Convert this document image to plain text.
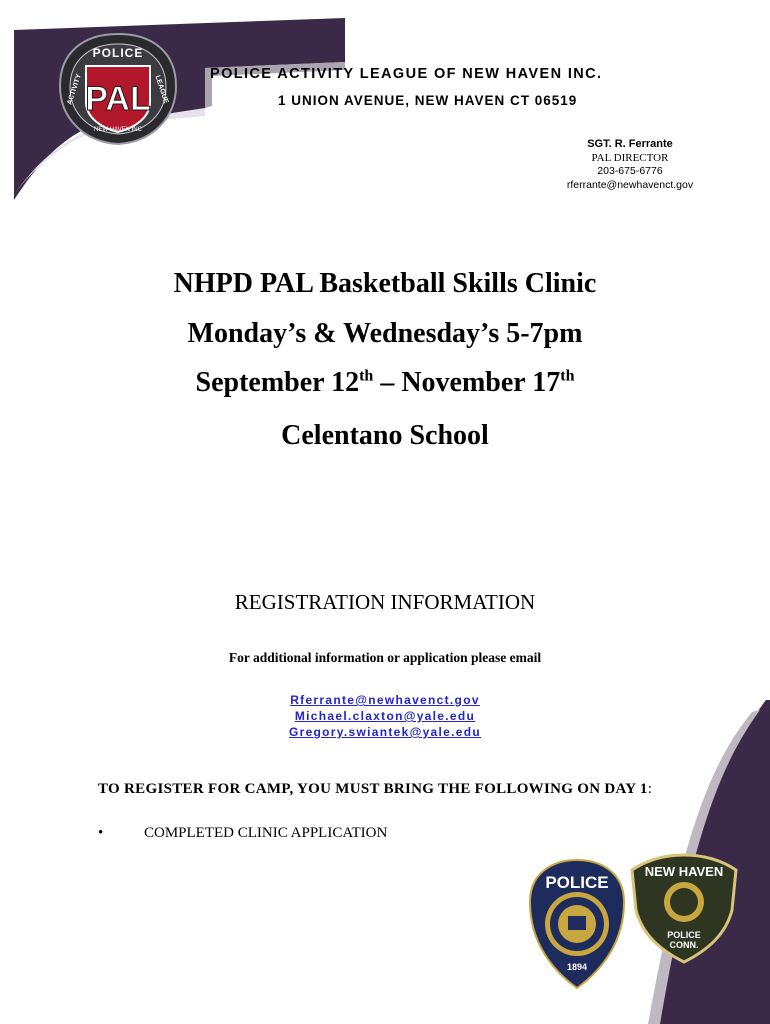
PAL
POLICE
NEW HAVEN INC
ACTIVITY	LEAGUE
POLICE ACTIVITY LEAGUE OF NEW HAVEN INC.
1 UNION AVENUE, NEW HAVEN CT 06519
SGT. R. Ferrante
PAL DIRECTOR
203-675-6776
rferrante@newhavenct.gov
NHPD PAL Basketball Skills Clinic
Monday’s & Wednesday’s 5-7pm
September 12th – November 17th
Celentano School
REGISTRATION INFORMATION
For additional information or application please email
Rferrante@newhavenct.gov
Michael.claxton@yale.edu
Gregory.swiantek@yale.edu
TO REGISTER FOR CAMP, YOU MUST BRING THE FOLLOWING ON DAY 1:
•	COMPLETED CLINIC APPLICATION
POLICE
1894
NEW HAVEN
POLICE
CONN.
